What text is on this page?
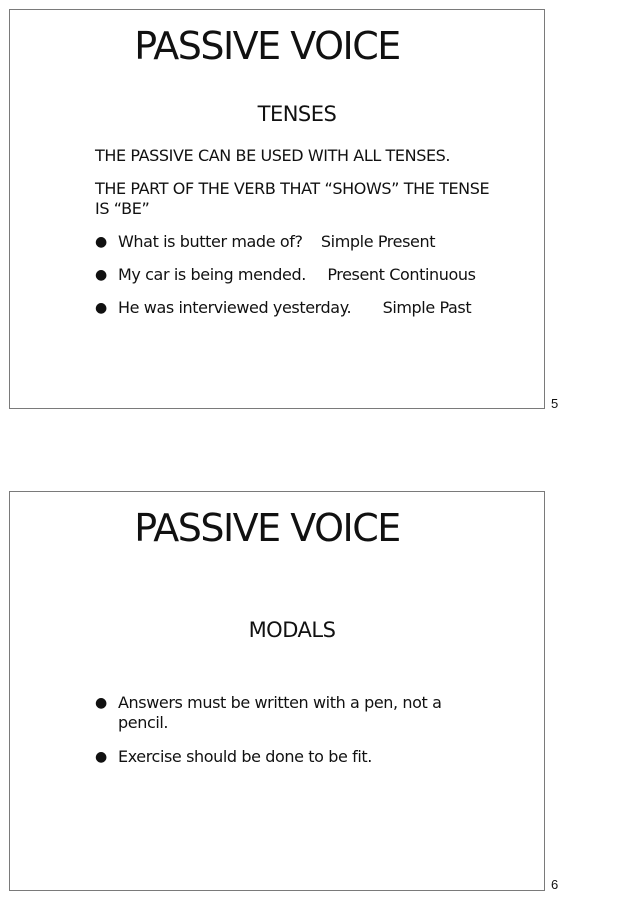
PASSIVE VOICE
TENSES
THE PASSIVE CAN BE USED WITH ALL TENSES.
THE PART OF THE VERB THAT “SHOWS” THE TENSE IS “BE”
● What is butter made of? Simple Present
● My car is being mended. Present Continuous
● He was interviewed yesterday. Simple Past
5
PASSIVE VOICE
MODALS
● Answers must be written with a pen, not a pencil.
● Exercise should be done to be fit.
6
